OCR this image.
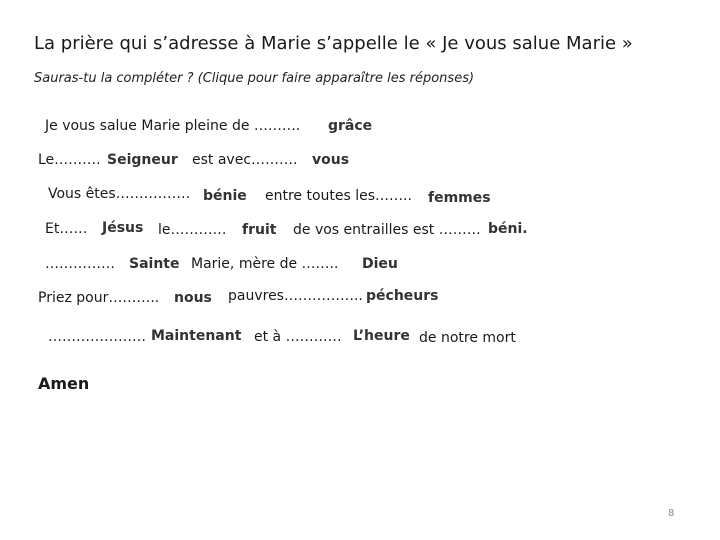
La prière qui s’adresse à Marie s’appelle le « Je vous salue Marie »
Sauras-tu la compléter ? (Clique pour faire apparaître les réponses)
Je vous salue Marie pleine de ………. grâce
Le………. Seigneur est avec………. vous
Vous êtes……………. bénie entre toutes les…….. femmes
Et…… Jésus le………… fruit de vos entrailles est ……… béni.
…………… Sainte Marie, mère de …….. Dieu
Priez pour……….. nous pauvres…………….. pécheurs
………………… Maintenant et à ………… L’heure de notre mort
Amen
8
